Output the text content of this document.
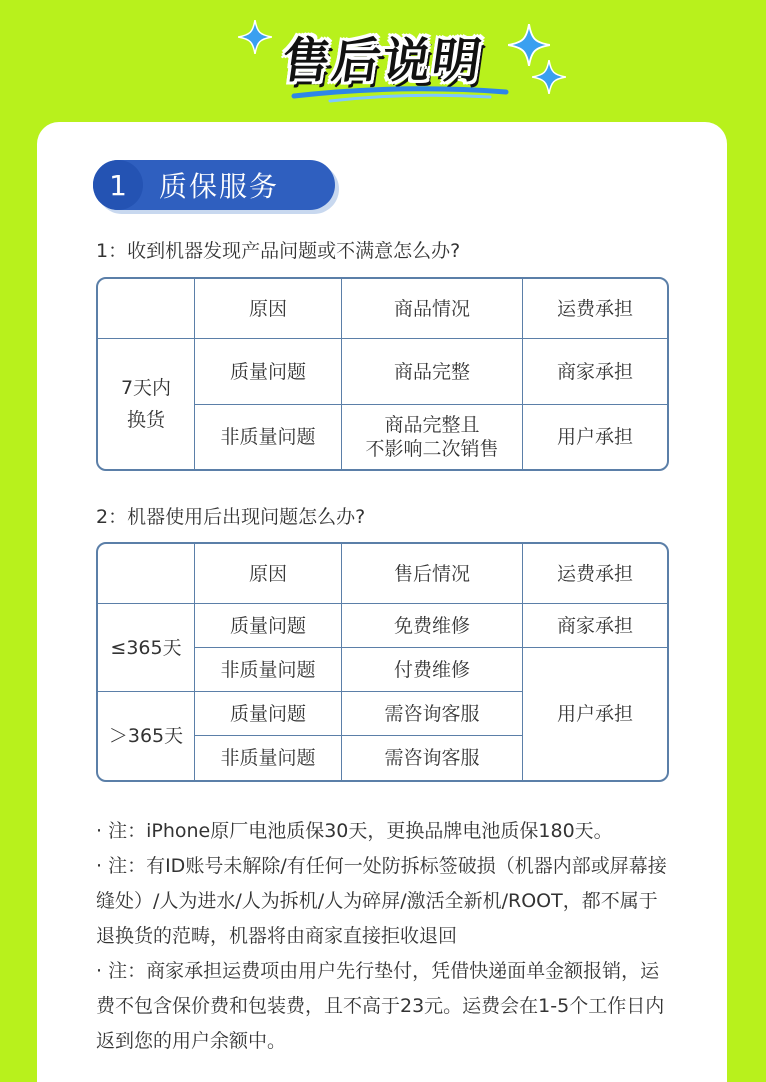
售后说明
1	质保服务
1：收到机器发现产品问题或不满意怎么办?
	原因	商品情况	运费承担
7天内
换货	质量问题	商品完整	商家承担
	非质量问题	商品完整且
不影响二次销售	用户承担
2：机器使用后出现问题怎么办?
	原因	售后情况	运费承担
≤365天	质量问题	免费维修	商家承担
	非质量问题	付费维修	用户承担
＞365天	质量问题	需咨询客服	
	非质量问题	需咨询客服	

· 注：iPhone原厂电池质保30天，更换品牌电池质保180天。

· 注：有ID账号未解除/有任何一处防拆标签破损（机器内部或屏幕接缝处）/人为进水/人为拆机/人为碎屏/激活全新机/ROOT，都不属于退换货的范畴，机器将由商家直接拒收退回

· 注：商家承担运费项由用户先行垫付，凭借快递面单金额报销，运费不包含保价费和包装费，且不高于23元。运费会在1-5个工作日内返到您的用户余额中。
